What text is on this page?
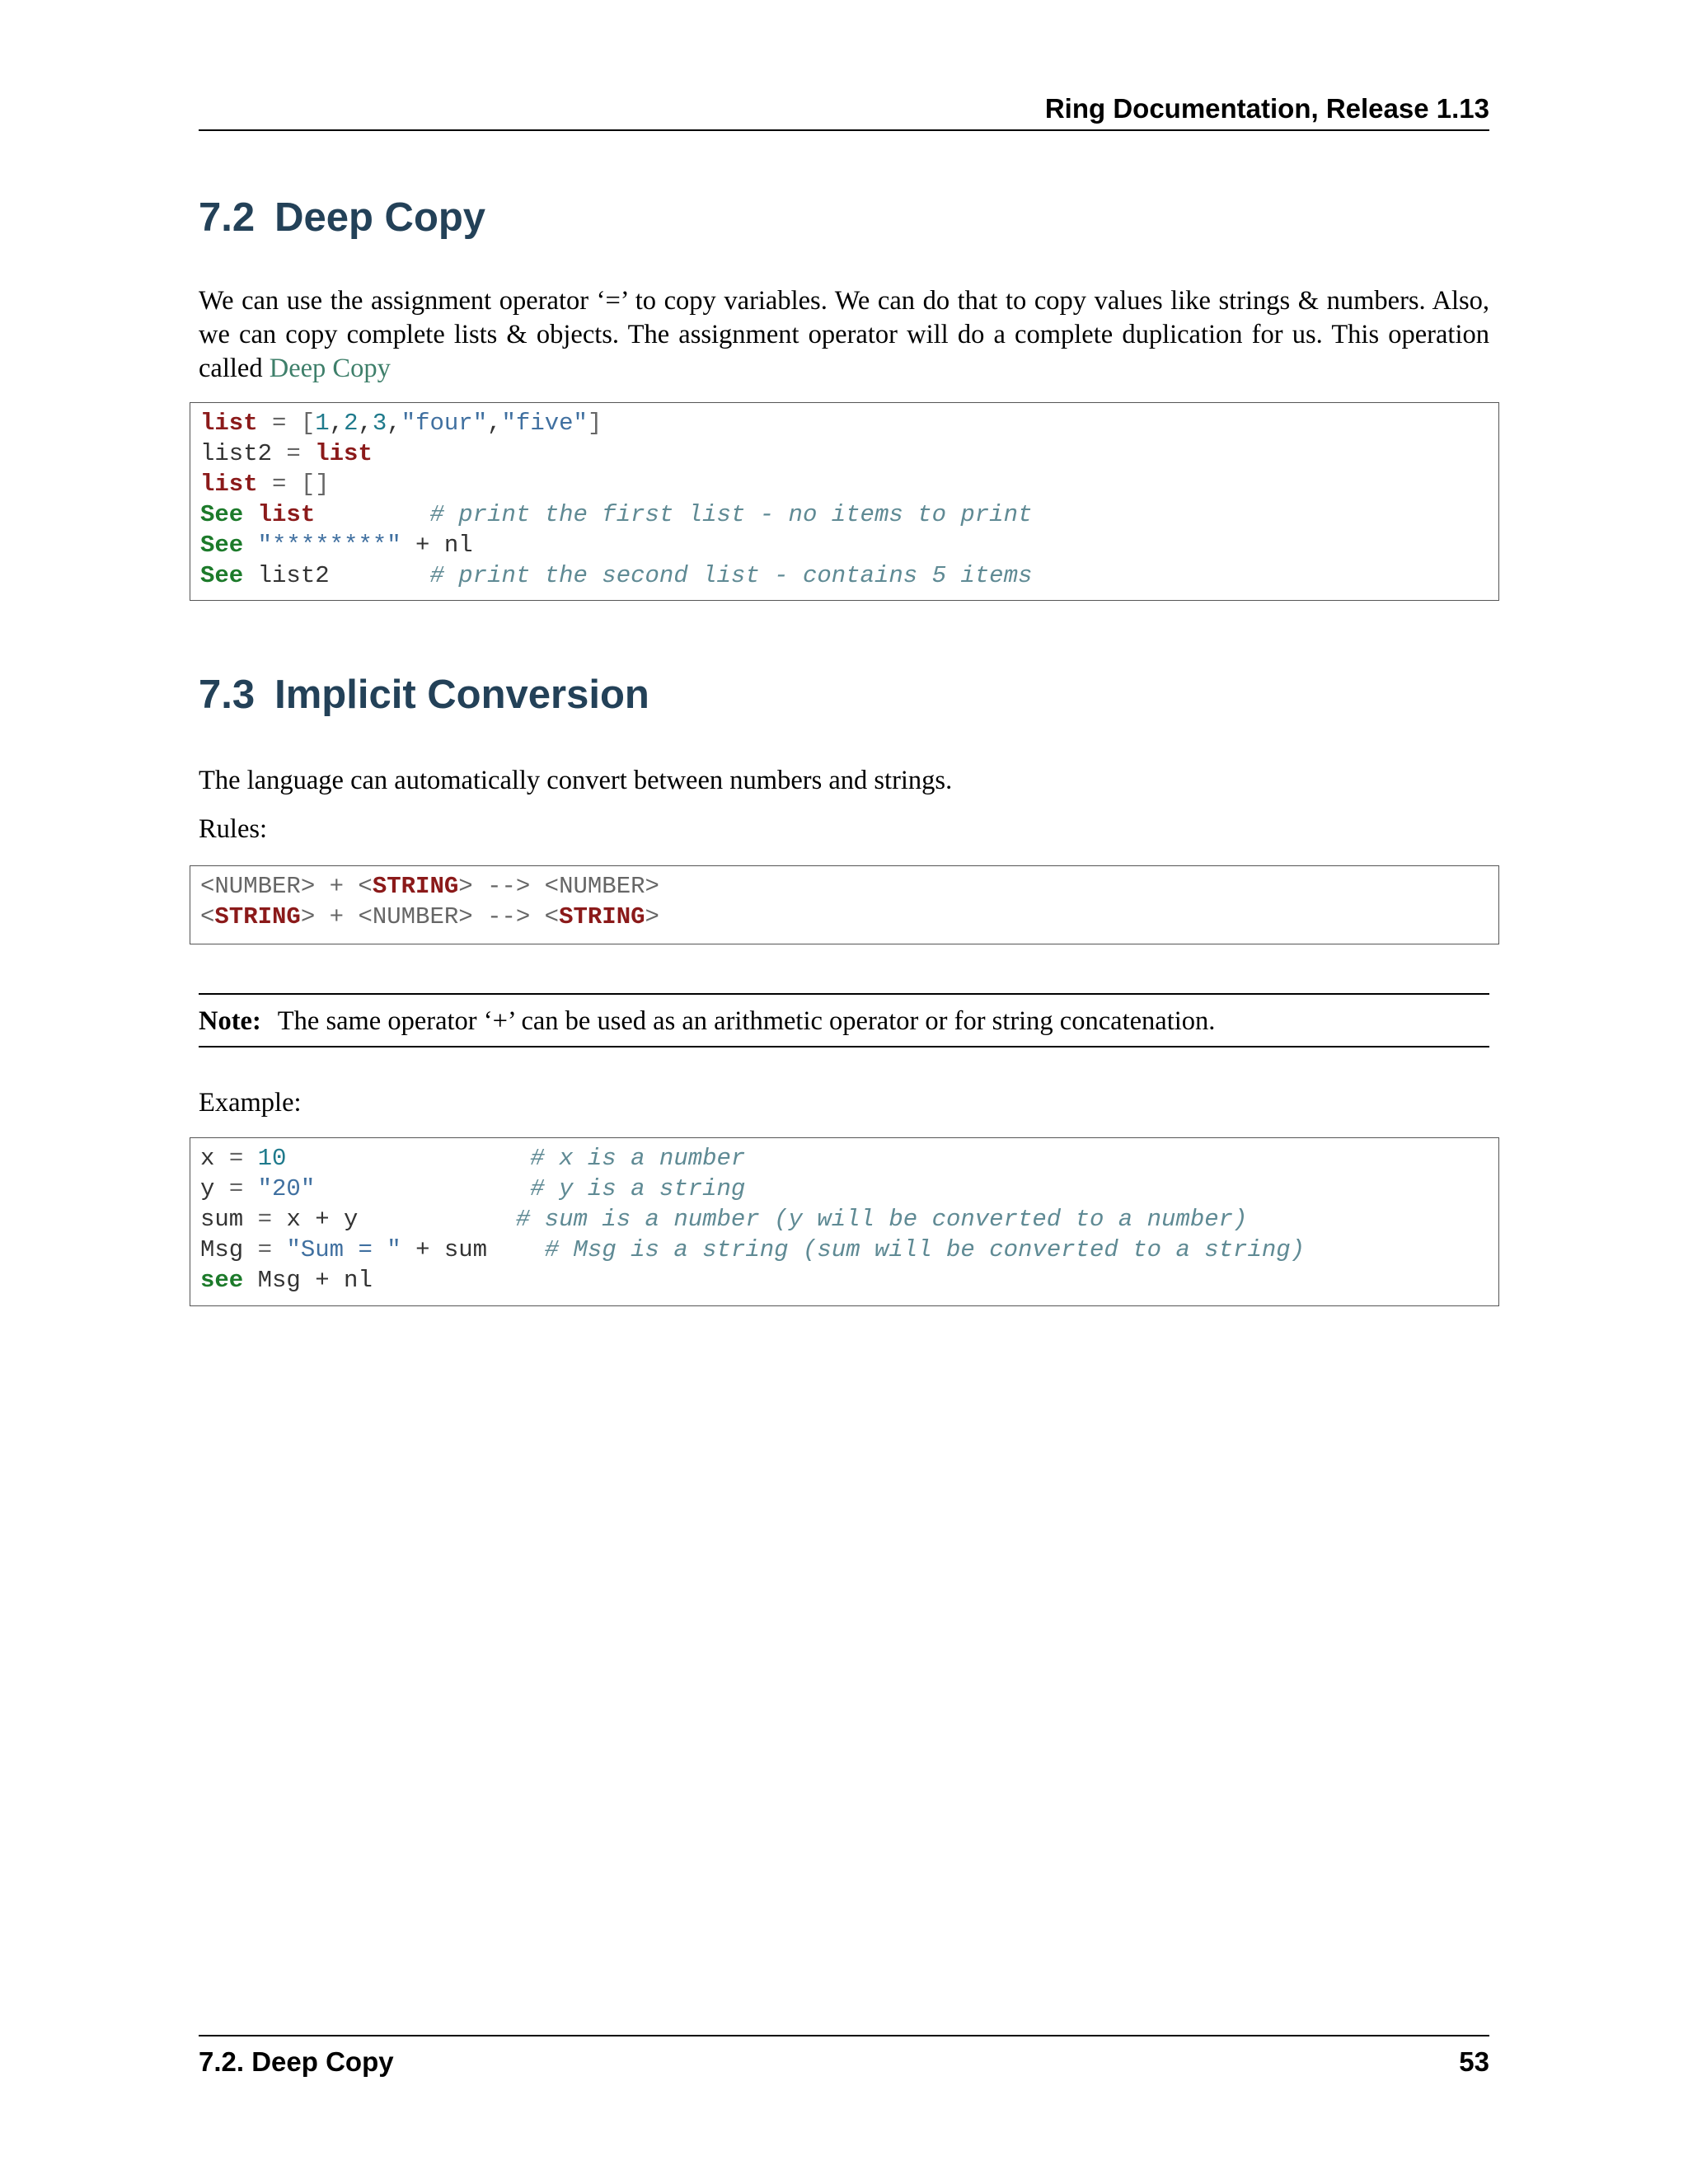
Ring Documentation, Release 1.13
7.2 Deep Copy

We can use the assignment operator ‘=’ to copy variables. We can do that to copy values like strings & numbers. Also, we can copy complete lists & objects. The assignment operator will do a complete duplication for us. This operation called Deep Copy

list = [1,2,3,"four","five"]
list2 = list
list = []
See list	# print the first list - no items to print
See "********" + nl
See list2	# print the second list - contains 5 items
7.3 Implicit Conversion

The language can automatically convert between numbers and strings.

Rules:

<NUMBER> + <STRING> --> <NUMBER>
<STRING> + <NUMBER> --> <STRING>
Note: The same operator ‘+’ can be used as an arithmetic operator or for string concatenation.

Example:

x = 10	# x is a number
y = "20"	# y is a string
sum = x + y	# sum is a number (y will be converted to a number)
Msg = "Sum = " + sum # Msg is a string (sum will be converted to a string)
see Msg + nl
7.2. Deep Copy	53
